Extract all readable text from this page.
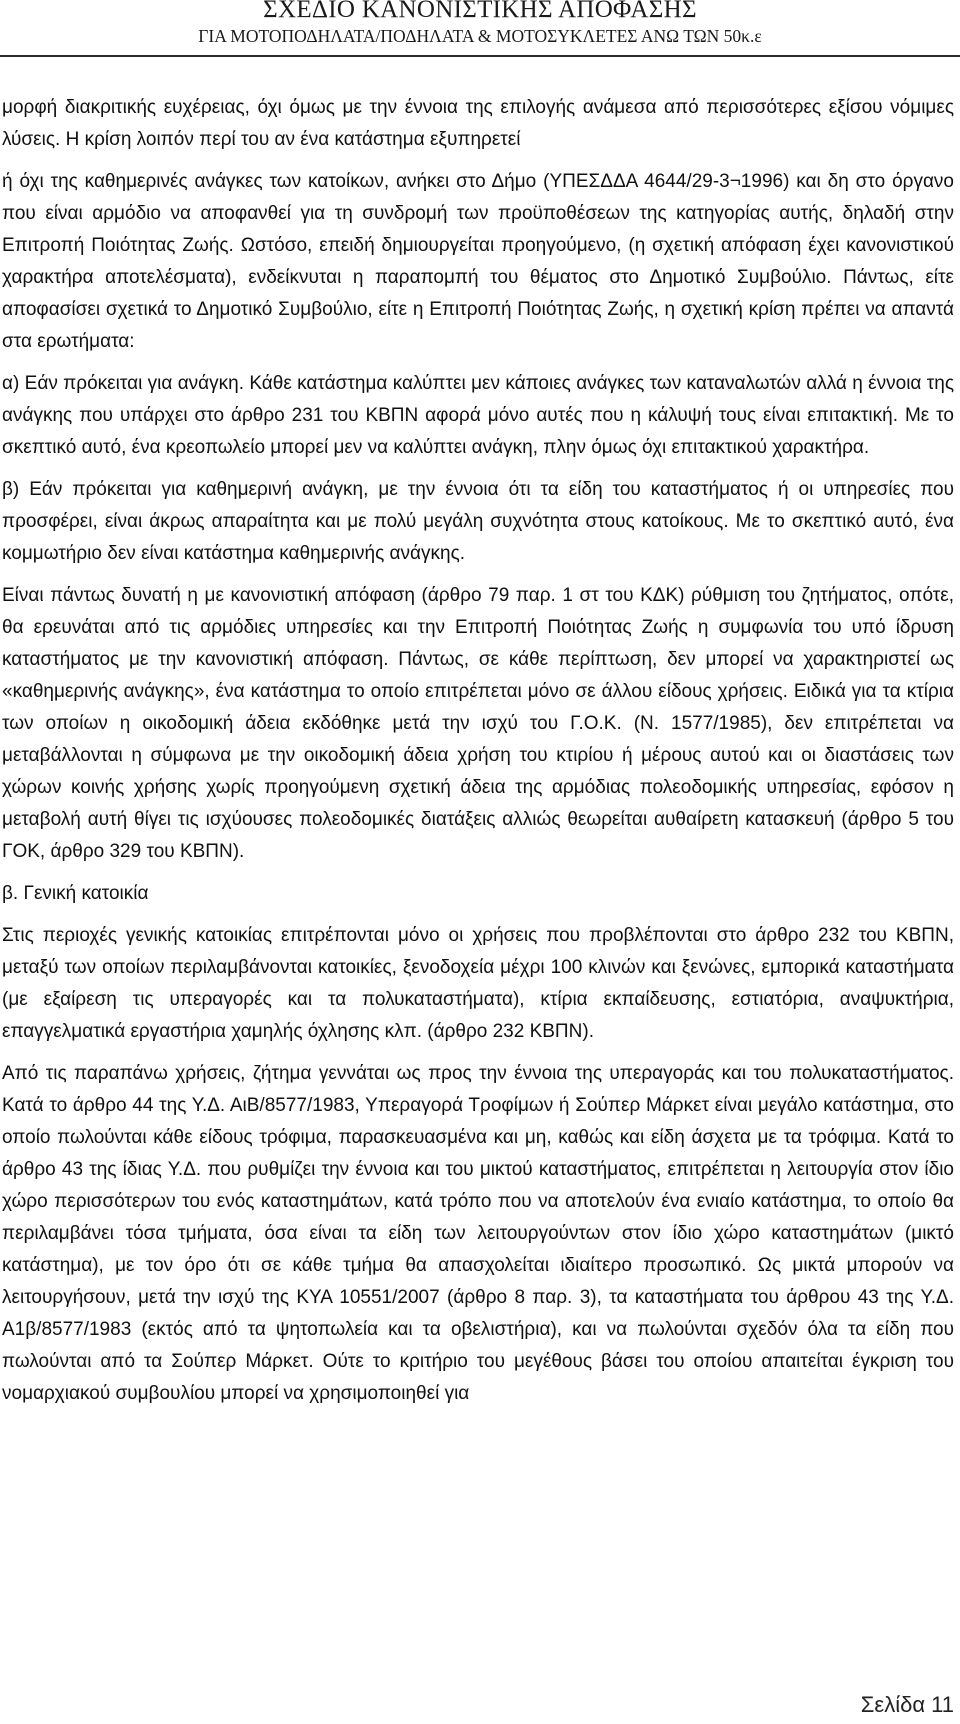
ΣΧΕΔΙΟ ΚΑΝΟΝΙΣΤΙΚΗΣ ΑΠΟΦΑΣΗΣ
ΓΙΑ ΜΟΤΟΠΟΔΗΛΑΤΑ/ΠΟΔΗΛΑΤΑ & ΜΟΤΟΣΥΚΛΕΤΕΣ ΑΝΩ ΤΩΝ 50κ.ε

μορφή διακριτικής ευχέρειας, όχι όμως με την έννοια της επιλογής ανάμεσα από περισσότερες εξίσου νόμιμες λύσεις. Η κρίση λοιπόν περί του αν ένα κατάστημα εξυπηρετεί

ή όχι της καθημερινές ανάγκες των κατοίκων, ανήκει στο Δήμο (ΥΠΕΣΔΔΑ 4644/29-3¬1996) και δη στο όργανο που είναι αρμόδιο να αποφανθεί για τη συνδρομή των προϋποθέσεων της κατηγορίας αυτής, δηλαδή στην Επιτροπή Ποιότητας Ζωής. Ωστόσο, επειδή δημιουργείται προηγούμενο, (η σχετική απόφαση έχει κανονιστικού χαρακτήρα αποτελέσματα), ενδείκνυται η παραπομπή του θέματος στο Δημοτικό Συμβούλιο. Πάντως, είτε αποφασίσει σχετικά το Δημοτικό Συμβούλιο, είτε η Επιτροπή Ποιότητας Ζωής, η σχετική κρίση πρέπει να απαντά στα ερωτήματα:

α) Εάν πρόκειται για ανάγκη. Κάθε κατάστημα καλύπτει μεν κάποιες ανάγκες των καταναλωτών αλλά η έννοια της ανάγκης που υπάρχει στο άρθρο 231 του ΚΒΠΝ αφορά μόνο αυτές που η κάλυψή τους είναι επιτακτική. Με το σκεπτικό αυτό, ένα κρεοπωλείο μπορεί μεν να καλύπτει ανάγκη, πλην όμως όχι επιτακτικού χαρακτήρα.

β) Εάν πρόκειται για καθημερινή ανάγκη, με την έννοια ότι τα είδη του καταστήματος ή οι υπηρεσίες που προσφέρει, είναι άκρως απαραίτητα και με πολύ μεγάλη συχνότητα στους κατοίκους. Με το σκεπτικό αυτό, ένα κομμωτήριο δεν είναι κατάστημα καθημερινής ανάγκης.

Είναι πάντως δυνατή η με κανονιστική απόφαση (άρθρο 79 παρ. 1 στ του ΚΔΚ) ρύθμιση του ζητήματος, οπότε, θα ερευνάται από τις αρμόδιες υπηρεσίες και την Επιτροπή Ποιότητας Ζωής η συμφωνία του υπό ίδρυση καταστήματος με την κανονιστική απόφαση. Πάντως, σε κάθε περίπτωση, δεν μπορεί να χαρακτηριστεί ως «καθημερινής ανάγκης», ένα κατάστημα το οποίο επιτρέπεται μόνο σε άλλου είδους χρήσεις. Ειδικά για τα κτίρια των οποίων η οικοδομική άδεια εκδόθηκε μετά την ισχύ του Γ.Ο.Κ. (Ν. 1577/1985), δεν επιτρέπεται να μεταβάλλονται η σύμφωνα με την οικοδομική άδεια χρήση του κτιρίου ή μέρους αυτού και οι διαστάσεις των χώρων κοινής χρήσης χωρίς προηγούμενη σχετική άδεια της αρμόδιας πολεοδομικής υπηρεσίας, εφόσον η μεταβολή αυτή θίγει τις ισχύουσες πολεοδομικές διατάξεις αλλιώς θεωρείται αυθαίρετη κατασκευή (άρθρο 5 του ΓΟΚ, άρθρο 329 του ΚΒΠΝ).

β. Γενική κατοικία

Στις περιοχές γενικής κατοικίας επιτρέπονται μόνο οι χρήσεις που προβλέπονται στο άρθρο 232 του ΚΒΠΝ, μεταξύ των οποίων περιλαμβάνονται κατοικίες, ξενοδοχεία μέχρι 100 κλινών και ξενώνες, εμπορικά καταστήματα (με εξαίρεση τις υπεραγορές και τα πολυκαταστήματα), κτίρια εκπαίδευσης, εστιατόρια, αναψυκτήρια, επαγγελματικά εργαστήρια χαμηλής όχλησης κλπ. (άρθρο 232 ΚΒΠΝ).

Από τις παραπάνω χρήσεις, ζήτημα γεννάται ως προς την έννοια της υπεραγοράς και του πολυκαταστήματος. Κατά το άρθρο 44 της Υ.Δ. ΑιΒ/8577/1983, Υπεραγορά Τροφίμων ή Σούπερ Μάρκετ είναι μεγάλο κατάστημα, στο οποίο πωλούνται κάθε είδους τρόφιμα, παρασκευασμένα και μη, καθώς και είδη άσχετα με τα τρόφιμα. Κατά το άρθρο 43 της ίδιας Υ.Δ. που ρυθμίζει την έννοια και του μικτού καταστήματος, επιτρέπεται η λειτουργία στον ίδιο χώρο περισσότερων του ενός καταστημάτων, κατά τρόπο που να αποτελούν ένα ενιαίο κατάστημα, το οποίο θα περιλαμβάνει τόσα τμήματα, όσα είναι τα είδη των λειτουργούντων στον ίδιο χώρο καταστημάτων (μικτό κατάστημα), με τον όρο ότι σε κάθε τμήμα θα απασχολείται ιδιαίτερο προσωπικό. Ως μικτά μπορούν να λειτουργήσουν, μετά την ισχύ της ΚΥΑ 10551/2007 (άρθρο 8 παρ. 3), τα καταστήματα του άρθρου 43 της Υ.Δ. Α1β/8577/1983 (εκτός από τα ψητοπωλεία και τα οβελιστήρια), και να πωλούνται σχεδόν όλα τα είδη που πωλούνται από τα Σούπερ Μάρκετ. Ούτε το κριτήριο του μεγέθους βάσει του οποίου απαιτείται έγκριση του νομαρχιακού συμβουλίου μπορεί να χρησιμοποιηθεί για

Σελίδα 11
